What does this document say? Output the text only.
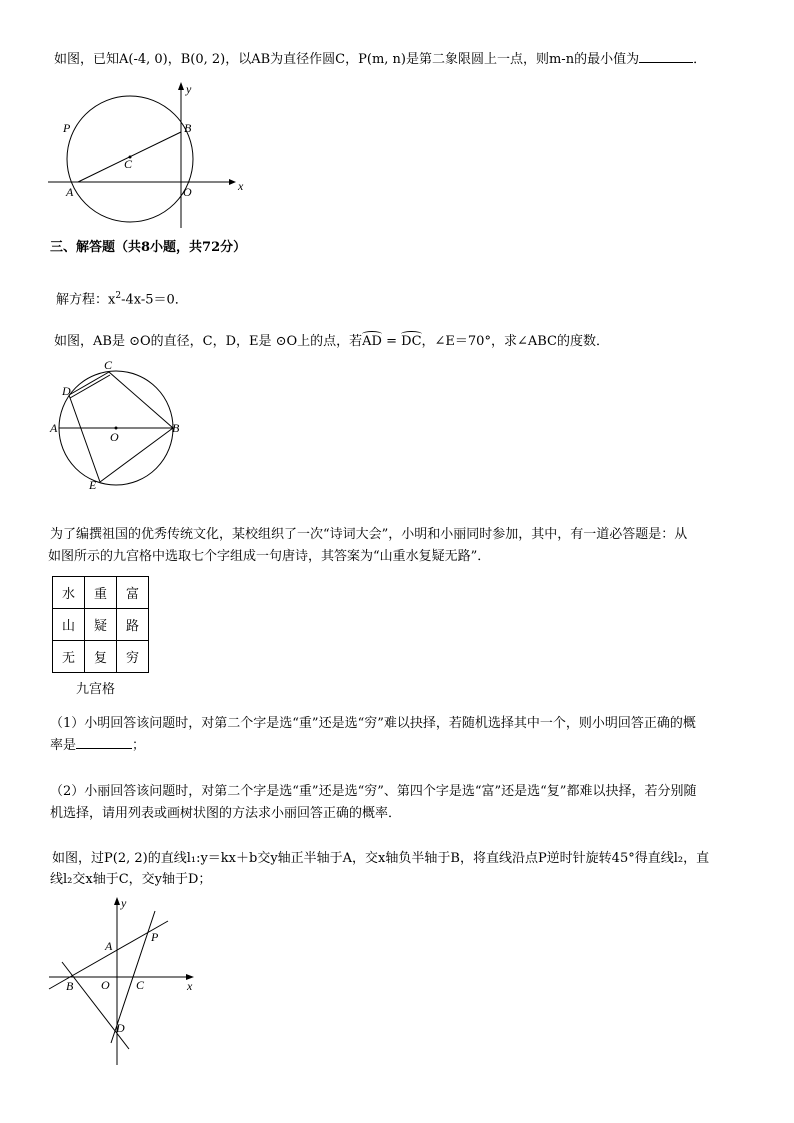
如图，已知A(-4, 0)，B(0, 2)，以AB为直径作圆C，P(m, n)是第二象限圆上一点，则m-n的最小值为	．
y
x
P	B
C
A	O
三、解答题（共8小题，共72分）
解方程：$x^2-4x-5=0$．
如图，AB是 ⊙O的直径，C，D，E是 ⊙O上的点，若AD = DC，∠E＝70°，求∠ABC的度数．
C
D
A
O
B
E
为了编撰祖国的优秀传统文化，某校组织了一次“诗词大会”，小明和小丽同时参加，其中，有一道必答题是：从
如图所示的九宫格中选取七个字组成一句唐诗，其答案为“山重水复疑无路”．
水	重	富
山	疑	路
无	复	穷
九宫格
（1）小明回答该问题时，对第二个字是选“重”还是选“穷”难以抉择，若随机选择其中一个，则小明回答正确的概
率是	；
（2）小丽回答该问题时，对第二个字是选“重”还是选“穷”、第四个字是选“富”还是选“复”都难以抉择，若分别随
机选择，请用列表或画树状图的方法求小丽回答正确的概率．
如图，过P(2, 2)的直线l₁:y＝kx＋b交y轴正半轴于A，交x轴负半轴于B，将直线沿点P逆时针旋转45°得直线l₂，直
线l₂交x轴于C，交y轴于D；
y
P
A
B O C	x
D
